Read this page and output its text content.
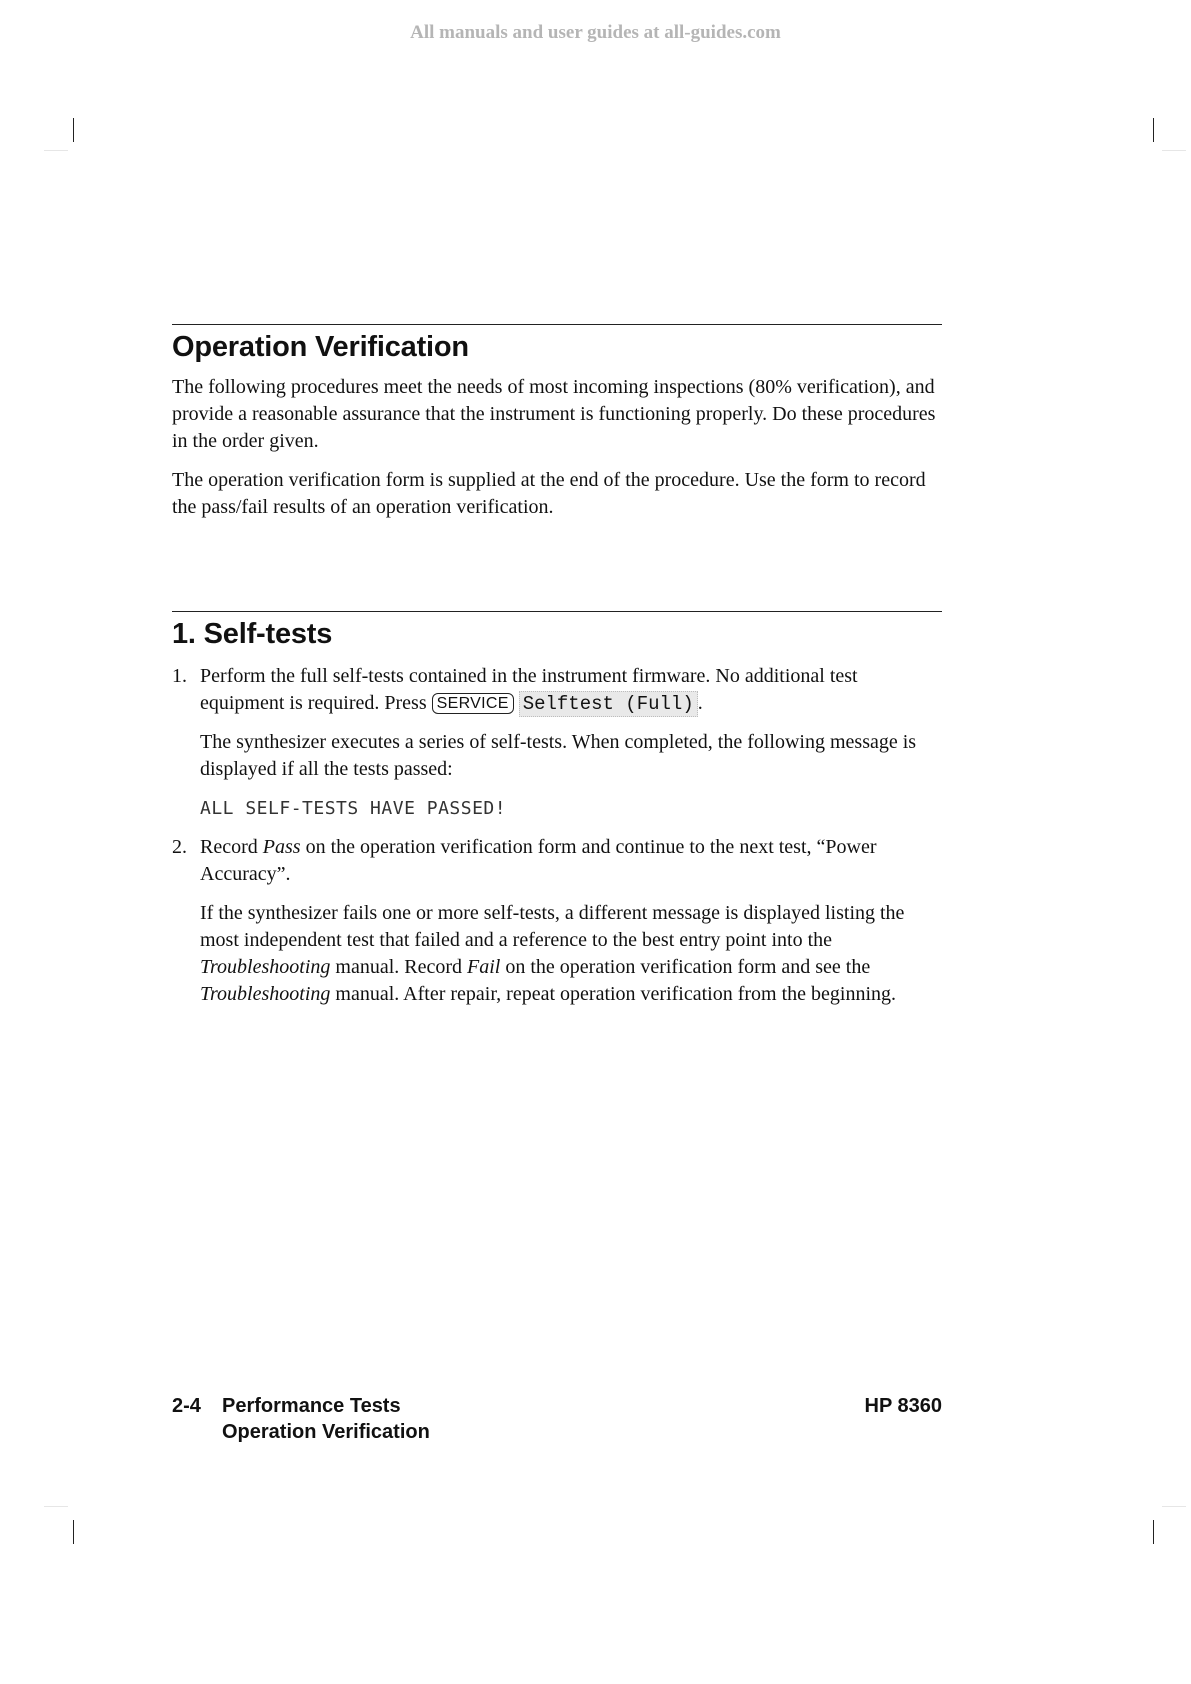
All manuals and user guides at all-guides.com
Operation Verification

The following procedures meet the needs of most incoming inspections (80% verification), and provide a reasonable assurance that the instrument is functioning properly. Do these procedures in the order given.

The operation verification form is supplied at the end of the procedure. Use the form to record the pass/fail results of an operation verification.

1. Self-tests
1. Perform the full self-tests contained in the instrument firmware. No additional test equipment is required. Press SERVICE Selftest (Full) .

The synthesizer executes a series of self-tests. When completed, the following message is displayed if all the tests passed:

ALL SELF-TESTS HAVE PASSED!
2. Record Pass on the operation verification form and continue to the next test, “Power Accuracy”.

If the synthesizer fails one or more self-tests, a different message is displayed listing the most independent test that failed and a reference to the best entry point into the Troubleshooting manual. Record Fail on the operation verification form and see the Troubleshooting manual. After repair, repeat operation verification from the beginning.

2-4 Performance Tests
Operation Verification
HP 8360
